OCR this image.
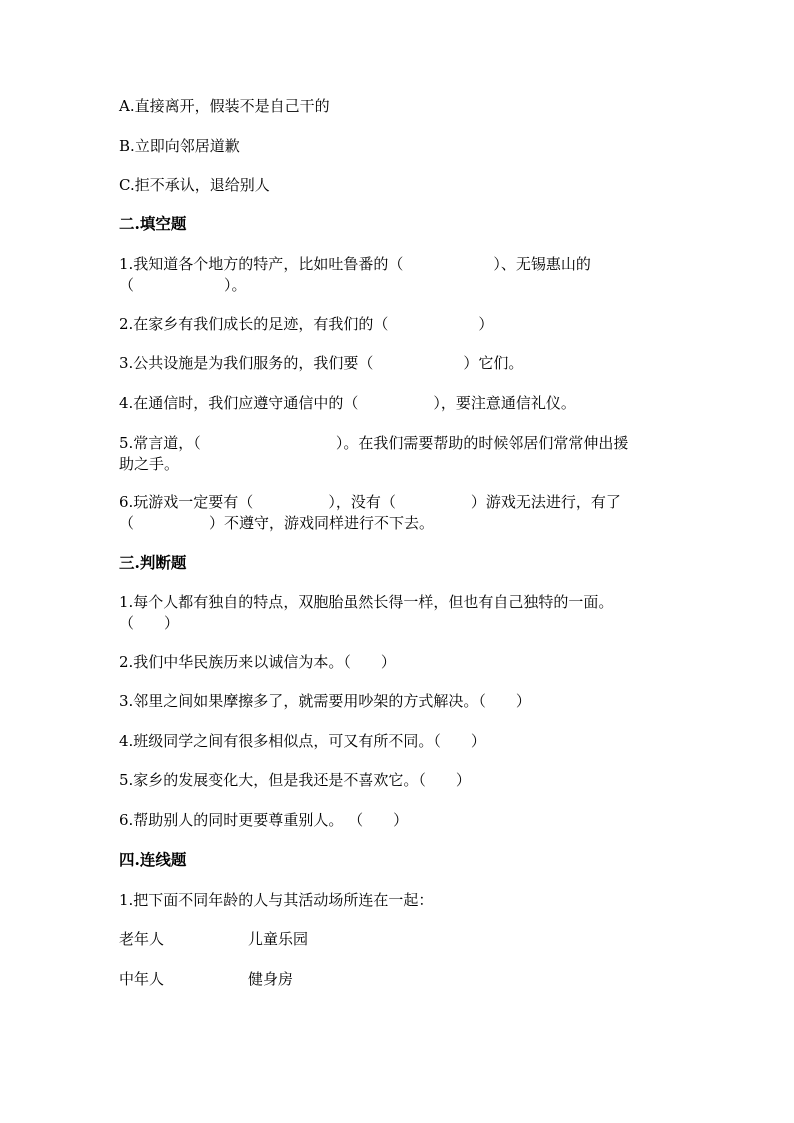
A.直接离开，假装不是自己干的
B.立即向邻居道歉
C.拒不承认，退给别人
二.填空题
1.我知道各个地方的特产，比如吐鲁番的（　　　　　　）、无锡惠山的
（　　　　　　）。
2.在家乡有我们成长的足迹，有我们的（　　　　　　）
3.公共设施是为我们服务的，我们要（　　　　　　）它们。
4.在通信时，我们应遵守通信中的（　　　　　），要注意通信礼仪。
5.常言道，（　　　　　　　　　）。在我们需要帮助的时候邻居们常常伸出援
助之手。
6.玩游戏一定要有（　　　　　），没有（　　　　　）游戏无法进行，有了
（　　　　　）不遵守，游戏同样进行不下去。
三.判断题
1.每个人都有独自的特点，双胞胎虽然长得一样，但也有自己独特的一面。
（　　）
2.我们中华民族历来以诚信为本。（　　）
3.邻里之间如果摩擦多了，就需要用吵架的方式解决。（　　）
4.班级同学之间有很多相似点，可又有所不同。（　　）
5.家乡的发展变化大，但是我还是不喜欢它。（　　）
6.帮助别人的同时更要尊重别人。 （　　）
四.连线题
1.把下面不同年龄的人与其活动场所连在一起：
老年人	儿童乐园
中年人	健身房
